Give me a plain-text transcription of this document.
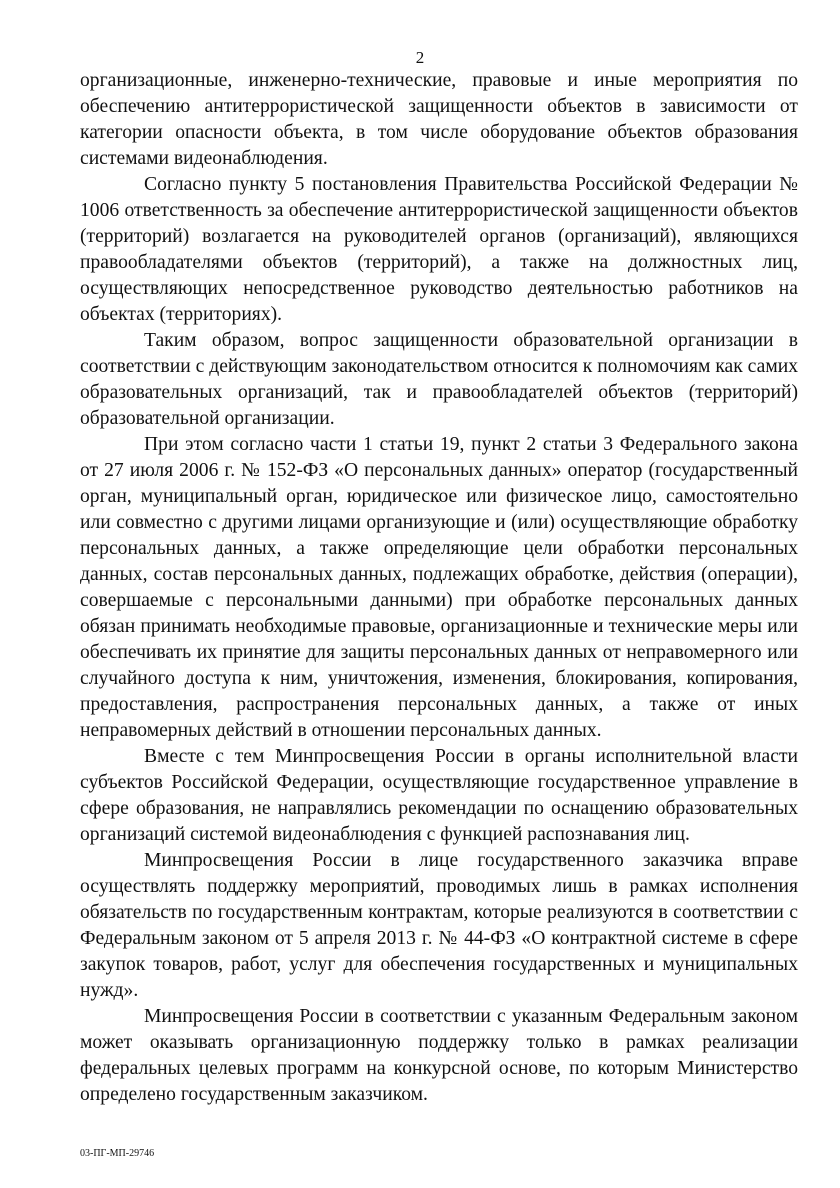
2

организационные, инженерно-технические, правовые и иные мероприятия по обеспечению антитеррористической защищенности объектов в зависимости от категории опасности объекта, в том числе оборудование объектов образования системами видеонаблюдения.

Согласно пункту 5 постановления Правительства Российской Федерации № 1006 ответственность за обеспечение антитеррористической защищенности объектов (территорий) возлагается на руководителей органов (организаций), являющихся правообладателями объектов (территорий), а также на должностных лиц, осуществляющих непосредственное руководство деятельностью работников на объектах (территориях).

Таким образом, вопрос защищенности образовательной организации в соответствии с действующим законодательством относится к полномочиям как самих образовательных организаций, так и правообладателей объектов (территорий) образовательной организации.

При этом согласно части 1 статьи 19, пункт 2 статьи 3 Федерального закона от 27 июля 2006 г. № 152-ФЗ «О персональных данных» оператор (государственный орган, муниципальный орган, юридическое или физическое лицо, самостоятельно или совместно с другими лицами организующие и (или) осуществляющие обработку персональных данных, а также определяющие цели обработки персональных данных, состав персональных данных, подлежащих обработке, действия (операции), совершаемые с персональными данными) при обработке персональных данных обязан принимать необходимые правовые, организационные и технические меры или обеспечивать их принятие для защиты персональных данных от неправомерного или случайного доступа к ним, уничтожения, изменения, блокирования, копирования, предоставления, распространения персональных данных, а также от иных неправомерных действий в отношении персональных данных.

Вместе с тем Минпросвещения России в органы исполнительной власти субъектов Российской Федерации, осуществляющие государственное управление в сфере образования, не направлялись рекомендации по оснащению образовательных организаций системой видеонаблюдения с функцией распознавания лиц.

Минпросвещения России в лице государственного заказчика вправе осуществлять поддержку мероприятий, проводимых лишь в рамках исполнения обязательств по государственным контрактам, которые реализуются в соответствии с Федеральным законом от 5 апреля 2013 г. № 44-ФЗ «О контрактной системе в сфере закупок товаров, работ, услуг для обеспечения государственных и муниципальных нужд».

Минпросвещения России в соответствии с указанным Федеральным законом может оказывать организационную поддержку только в рамках реализации федеральных целевых программ на конкурсной основе, по которым Министерство определено государственным заказчиком.

03-ПГ-МП-29746
